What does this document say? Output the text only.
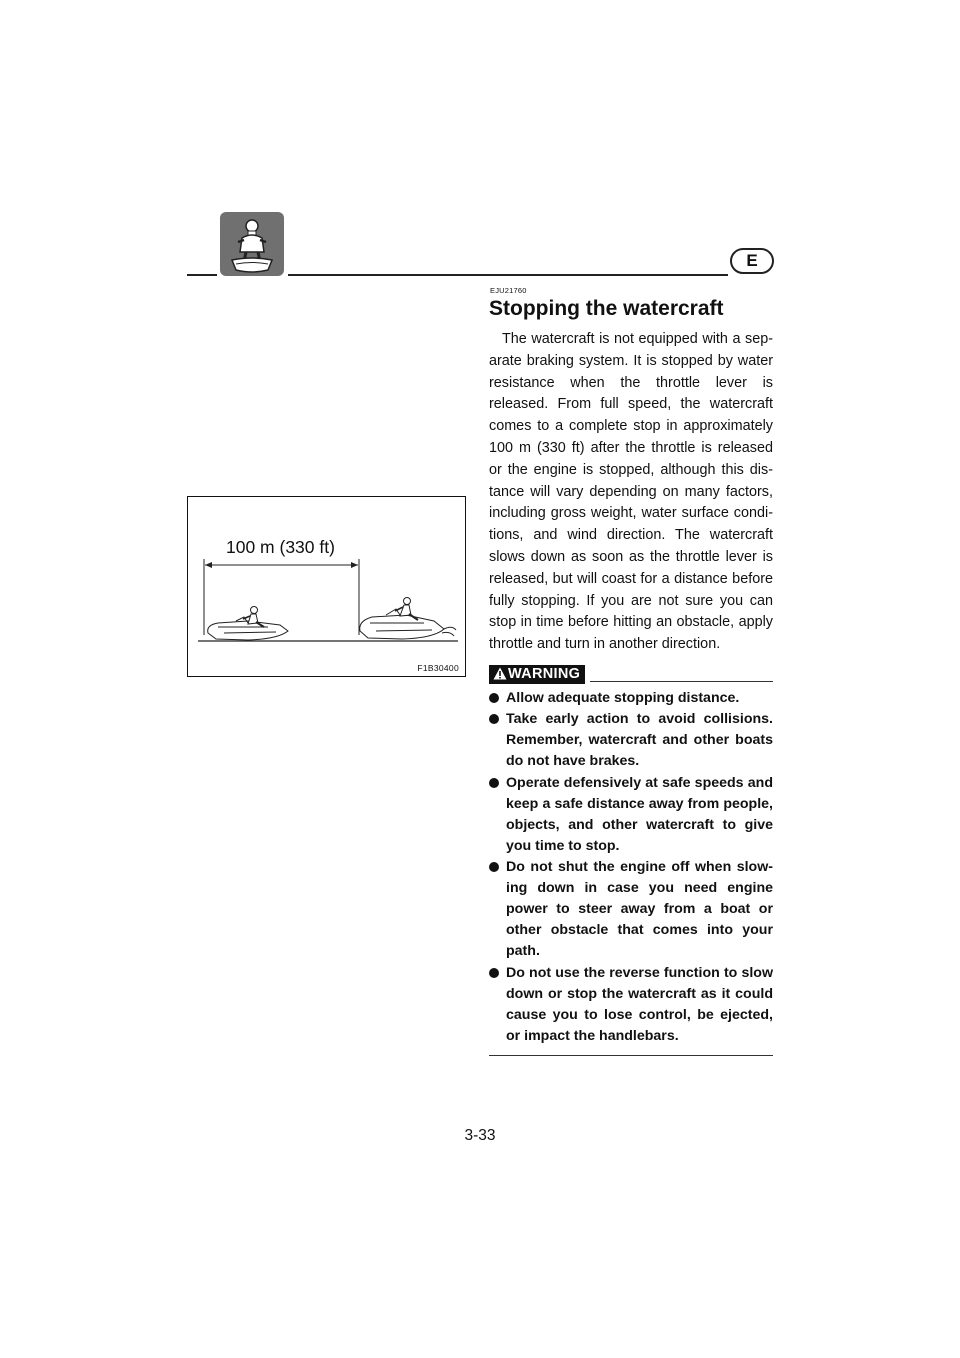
E
EJU21760
Stopping the watercraft

The watercraft is not equipped with a sep-arate braking system. It is stopped by water resistance when the throttle lever is released. From full speed, the watercraft comes to a complete stop in approximately 100 m (330 ft) after the throttle is released or the engine is stopped, although this dis-tance will vary depending on many factors, including gross weight, water surface condi-tions, and wind direction. The watercraft slows down as soon as the throttle lever is released, but will coast for a distance before fully stopping. If you are not sure you can stop in time before hitting an obstacle, apply throttle and turn in another direction.

WARNING
Allow adequate stopping distance.
Take early action to avoid collisions. Remember, watercraft and other boats do not have brakes.
Operate defensively at safe speeds and keep a safe distance away from people, objects, and other watercraft to give you time to stop.
Do not shut the engine off when slow-ing down in case you need engine power to steer away from a boat or other obstacle that comes into your path.
Do not use the reverse function to slow down or stop the watercraft as it could cause you to lose control, be ejected, or impact the handlebars.
100 m (330 ft)
F1B30400
3-33
